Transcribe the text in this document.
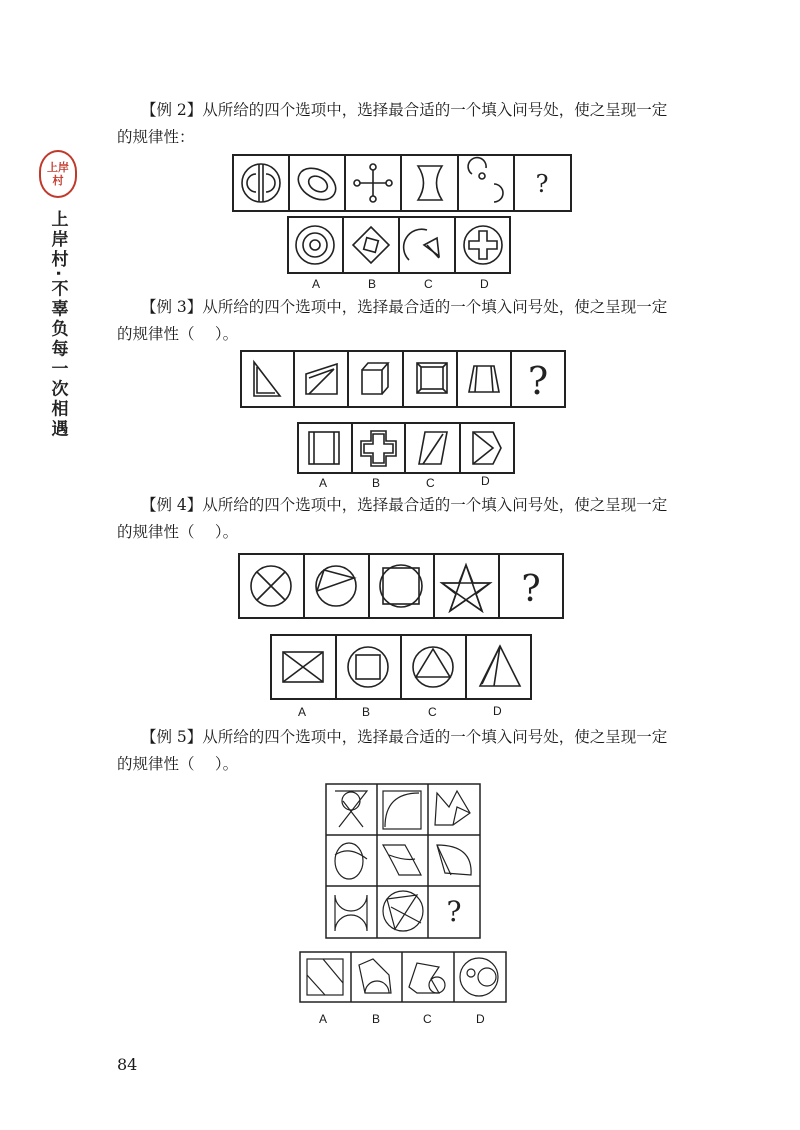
上岸
村
上岸村·不辜负每一次相遇
【例 2】从所给的四个选项中，选择最合适的一个填入问号处，使之呈现一定
的规律性：
?
A	B	C	D
【例 3】从所给的四个选项中，选择最合适的一个填入问号处，使之呈现一定
的规律性（　 ）。
?
A	B	C	D
【例 4】从所给的四个选项中，选择最合适的一个填入问号处，使之呈现一定
的规律性（　 ）。
?
A	B	C	D
【例 5】从所给的四个选项中，选择最合适的一个填入问号处，使之呈现一定
的规律性（　 ）。
?
A	B	C	D
84
